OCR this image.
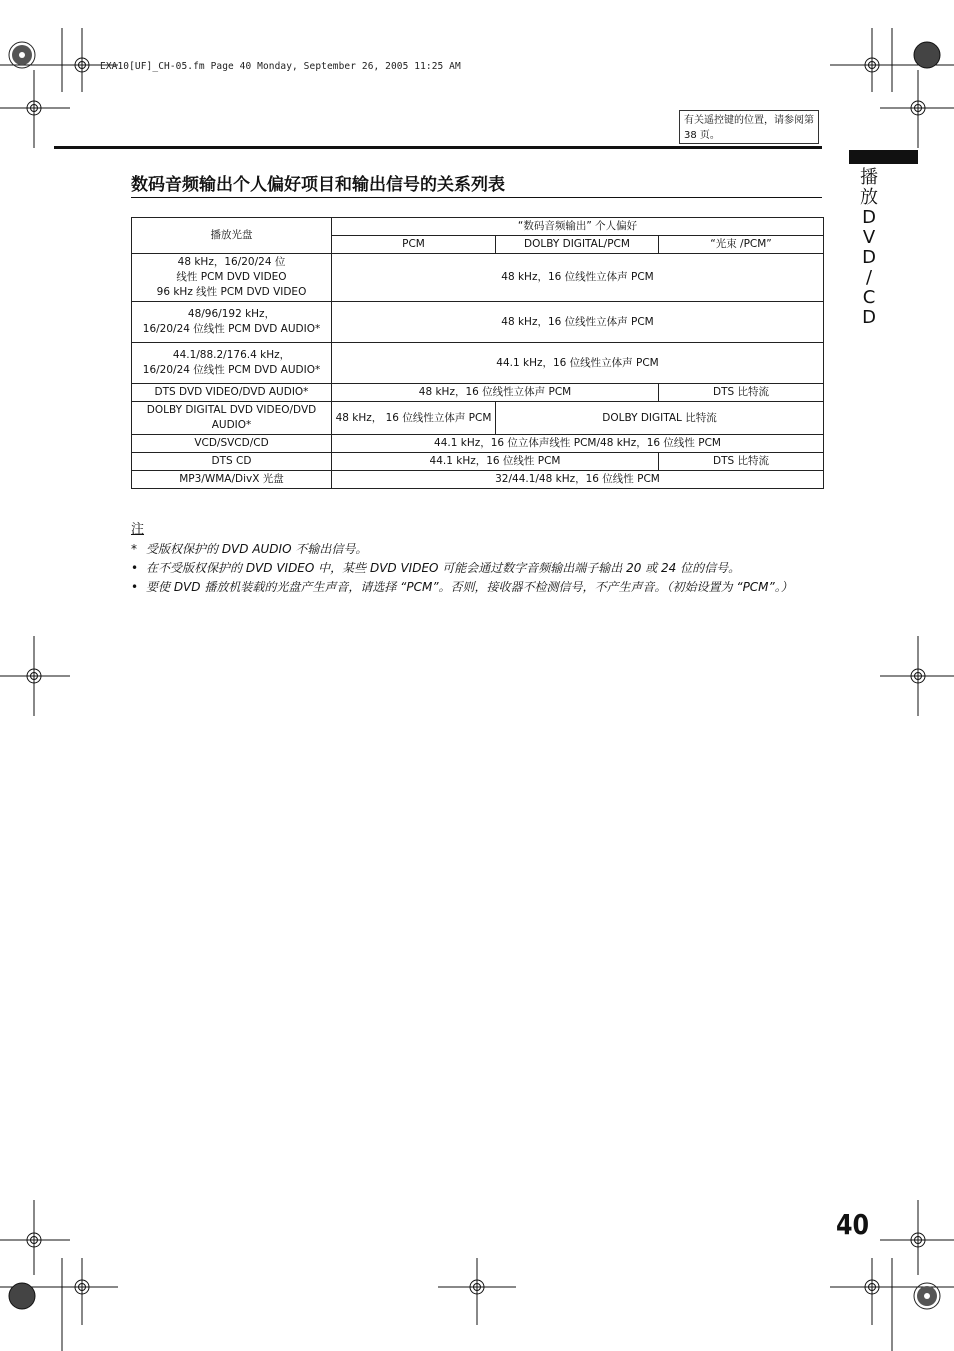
EXA10[UF]_CH-05.fm Page 40 Monday, September 26, 2005 11:25 AM
有关遥控键的位置，请参阅第 38 页。
播
放
D
V
D
/
C
D
数码音频输出个人偏好项目和输出信号的关系列表
播放光盘	“数码音频输出” 个人偏好		
	PCM	DOLBY DIGITAL/PCM	“光束 /PCM”

48 kHz，16/20/24 位
线性 PCM DVD VIDEO
96 kHz 线性 PCM DVD VIDEO	48 kHz，16 位线性立体声 PCM		

48/96/192 kHz，
16/20/24 位线性 PCM DVD AUDIO*	48 kHz，16 位线性立体声 PCM		

44.1/88.2/176.4 kHz，
16/20/24 位线性 PCM DVD AUDIO*	44.1 kHz，16 位线性立体声 PCM		
DTS DVD VIDEO/DVD AUDIO*	48 kHz，16 位线性立体声 PCM		DTS 比特流

DOLBY DIGITAL DVD VIDEO/DVD
AUDIO*	48 kHz， 16 位线性立体声 PCM	DOLBY DIGITAL 比特流	
VCD/SVCD/CD	44.1 kHz，16 位立体声线性 PCM/48 kHz，16 位线性 PCM		
DTS CD	44.1 kHz，16 位线性 PCM		DTS 比特流
MP3/WMA/DivX 光盘	32/44.1/48 kHz，16 位线性 PCM		
注
* 受版权保护的 DVD AUDIO 不输出信号。
• 在不受版权保护的 DVD VIDEO 中，某些 DVD VIDEO 可能会通过数字音频输出端子输出 20 或 24 位的信号。
• 要使 DVD 播放机装载的光盘产生声音，请选择 “PCM”。否则，接收器不检测信号，不产生声音。（初始设置为 “PCM”。）
40
